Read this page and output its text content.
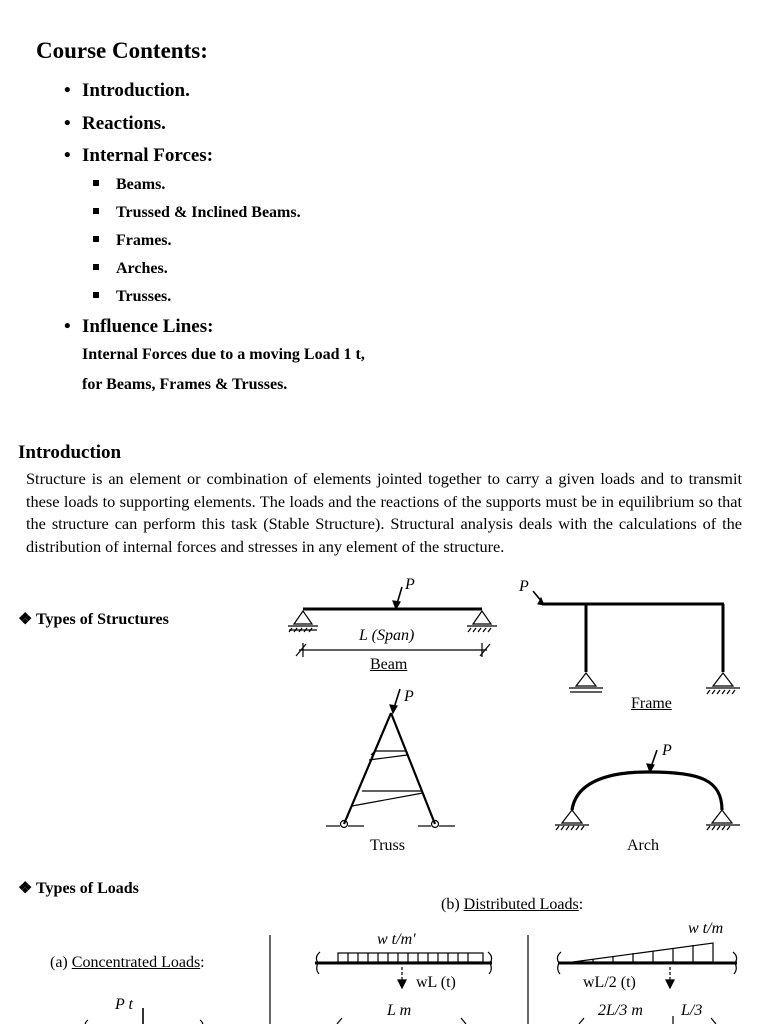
Course Contents:
• Introduction.
• Reactions.
• Internal Forces:
Beams.
Trussed & Inclined Beams.
Frames.
Arches.
Trusses.
• Influence Lines:
Internal Forces due to a moving Load 1 t,
for Beams, Frames & Trusses.
Introduction
Structure is an element or combination of elements jointed together to carry a given loads and to transmit these loads to supporting elements. The loads and the reactions of the supports must be in equilibrium so that the structure can perform this task (Stable Structure). Structural analysis deals with the calculations of the distribution of internal forces and stresses in any element of the structure.
❖ Types of Structures
❖ Types of Loads
P
L (Span)
Beam
P
Frame
P
Truss
P
Arch
(b) Distributed Loads:
(a) Concentrated Loads:
P t
w t/m'
wL (t)
L m
w t/m
wL/2 (t)
2L/3 m L/3
